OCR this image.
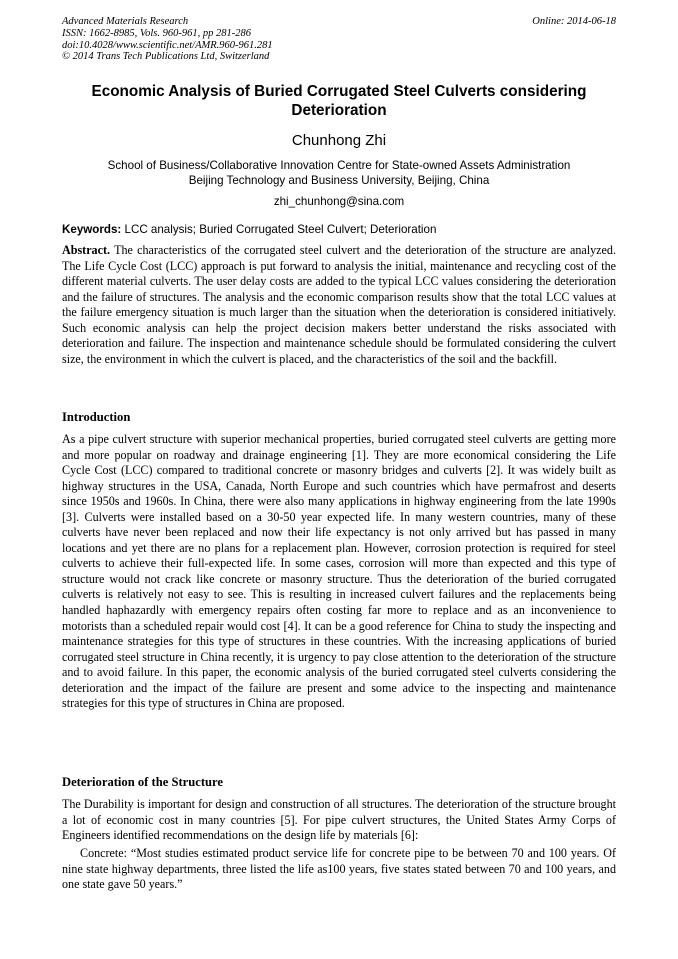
Advanced Materials Research
ISSN: 1662-8985, Vols. 960-961, pp 281-286
doi:10.4028/www.scientific.net/AMR.960-961.281
© 2014 Trans Tech Publications Ltd, Switzerland
Online: 2014-06-18
Economic Analysis of Buried Corrugated Steel Culverts considering Deterioration
Chunhong Zhi
School of Business/Collaborative Innovation Centre for State-owned Assets Administration
Beijing Technology and Business University, Beijing, China
zhi_chunhong@sina.com
Keywords: LCC analysis; Buried Corrugated Steel Culvert; Deterioration
Abstract. The characteristics of the corrugated steel culvert and the deterioration of the structure are analyzed. The Life Cycle Cost (LCC) approach is put forward to analysis the initial, maintenance and recycling cost of the different material culverts. The user delay costs are added to the typical LCC values considering the deterioration and the failure of structures. The analysis and the economic comparison results show that the total LCC values at the failure emergency situation is much larger than the situation when the deterioration is considered initiatively. Such economic analysis can help the project decision makers better understand the risks associated with deterioration and failure. The inspection and maintenance schedule should be formulated considering the culvert size, the environment in which the culvert is placed, and the characteristics of the soil and the backfill.
Introduction
As a pipe culvert structure with superior mechanical properties, buried corrugated steel culverts are getting more and more popular on roadway and drainage engineering [1]. They are more economical considering the Life Cycle Cost (LCC) compared to traditional concrete or masonry bridges and culverts [2]. It was widely built as highway structures in the USA, Canada, North Europe and such countries which have permafrost and deserts since 1950s and 1960s. In China, there were also many applications in highway engineering from the late 1990s [3]. Culverts were installed based on a 30-50 year expected life. In many western countries, many of these culverts have never been replaced and now their life expectancy is not only arrived but has passed in many locations and yet there are no plans for a replacement plan. However, corrosion protection is required for steel culverts to achieve their full-expected life. In some cases, corrosion will more than expected and this type of structure would not crack like concrete or masonry structure. Thus the deterioration of the buried corrugated culverts is relatively not easy to see. This is resulting in increased culvert failures and the replacements being handled haphazardly with emergency repairs often costing far more to replace and as an inconvenience to motorists than a scheduled repair would cost [4]. It can be a good reference for China to study the inspecting and maintenance strategies for this type of structures in these countries. With the increasing applications of buried corrugated steel structure in China recently, it is urgency to pay close attention to the deterioration of the structure and to avoid failure. In this paper, the economic analysis of the buried corrugated steel culverts considering the deterioration and the impact of the failure are present and some advice to the inspecting and maintenance strategies for this type of structures in China are proposed.
Deterioration of the Structure
The Durability is important for design and construction of all structures. The deterioration of the structure brought a lot of economic cost in many countries [5]. For pipe culvert structures, the United States Army Corps of Engineers identified recommendations on the design life by materials [6]:
Concrete: “Most studies estimated product service life for concrete pipe to be between 70 and 100 years. Of nine state highway departments, three listed the life as100 years, five states stated between 70 and 100 years, and one state gave 50 years.”
